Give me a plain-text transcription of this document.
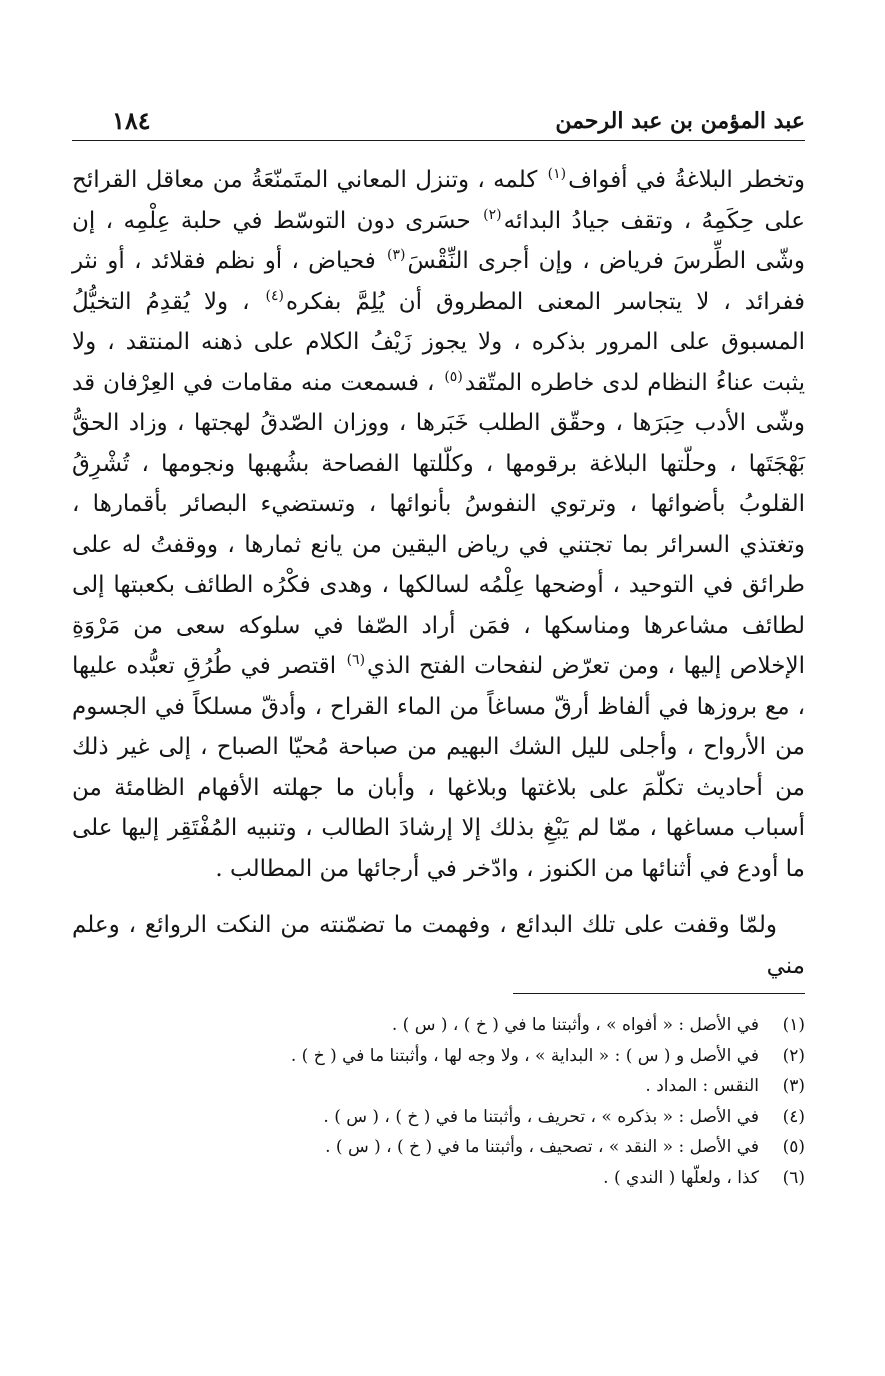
عبد المؤمن بن عبد الرحمن
١٨٤

وتخطر البلاغةُ في أفواف$^{(١)}$ كلمه ، وتنزل المعاني المتَمنّعَةُ من معاقل القرائح على حِكَمِهُ ، وتقف جيادُ البدائه$^{(٢)}$ حسَرى دون التوسّط في حلبة عِلْمِه ، إن وشّى الطِّرسَ فرياض ، وإن أجرى النِّقْسَ$^{(٣)}$ فحياض ، أو نظم فقلائد ، أو نثر ففرائد ، لا يتجاسر المعنى المطروق أن يُلِمَّ بفكره$^{(٤)}$ ، ولا يُقدِمُ التخيُّلُ المسبوق على المرور بذكره ، ولا يجوز زَيْفُ الكلام على ذهنه المنتقد ، ولا يثبت عناءُ النظام لدى خاطره المتّقد$^{(٥)}$ ، فسمعت منه مقامات في العِرْفان قد وشّى الأدب حِبَرَها ، وحقّق الطلب خَبَرها ، ووزان الصّدقُ لهجتها ، وزاد الحقُّ بَهْجَتَها ، وحلّتها البلاغة برقومها ، وكلّلتها الفصاحة بشُهبها ونجومها ، تُشْرِقُ القلوبُ بأضوائها ، وترتوي النفوسُ بأنوائها ، وتستضيء البصائر بأقمارها ، وتغتذي السرائر بما تجتني في رياض اليقين من يانع ثمارها ، ووقفتُ له على طرائق في التوحيد ، أوضحها عِلْمُه لسالكها ، وهدى فكْرُه الطائف بكعبتها إلى لطائف مشاعرها ومناسكها ، فمَن أراد الصّفا في سلوكه سعى من مَرْوَةِ الإخلاص إليها ، ومن تعرّض لنفحات الفتح الذي$^{(٦)}$ اقتصر في طُرُقِ تعبُّده عليها ، مع بروزها في ألفاظ أرقّ مساغاً من الماء القراح ، وأدقّ مسلكاً في الجسوم من الأرواح ، وأجلى لليل الشك البهيم من صباحة مُحيّا الصباح ، إلى غير ذلك من أحاديث تكلّمَ على بلاغتها وبلاغها ، وأبان ما جهلته الأفهام الظامئة من أسباب مساغها ، ممّا لم يَبْغِ بذلك إلا إرشادَ الطالب ، وتنبيه المُفْتَقِر إليها على ما أودع في أثنائها من الكنوز ، وادّخر في أرجائها من المطالب .

ولمّا وقفت على تلك البدائع ، وفهمت ما تضمّنته من النكت الروائع ، وعلم مني

(١)
في الأصل : « أفواه » ، وأثبتنا ما في ( خ ) ، ( س ) .
(٢)
في الأصل و ( س ) : « البداية » ، ولا وجه لها ، وأثبتنا ما في ( خ ) .
(٣)
النقس : المداد .
(٤)
في الأصل : « بذكره » ، تحريف ، وأثبتنا ما في ( خ ) ، ( س ) .
(٥)
في الأصل : « النقد » ، تصحيف ، وأثبتنا ما في ( خ ) ، ( س ) .
(٦)
كذا ، ولعلّها ( الندي ) .
